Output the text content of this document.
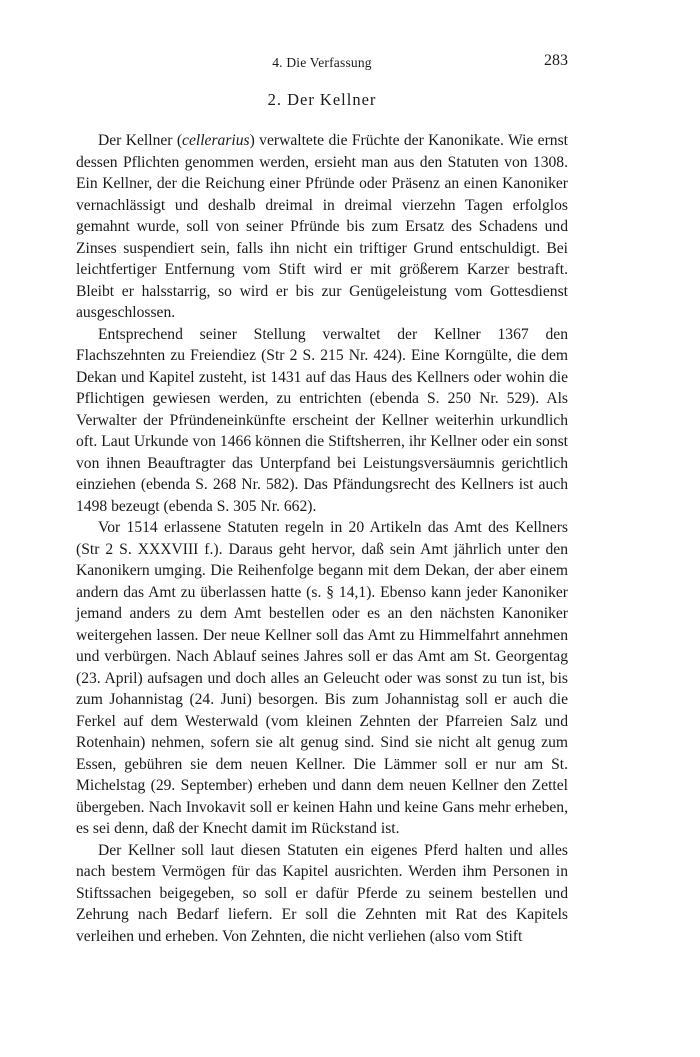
4. Die Verfassung	283
2. Der Kellner

Der Kellner (cellerarius) verwaltete die Früchte der Kanonikate. Wie ernst dessen Pflichten genommen werden, ersieht man aus den Statuten von 1308. Ein Kellner, der die Reichung einer Pfründe oder Präsenz an einen Kanoniker vernachlässigt und deshalb dreimal in dreimal vierzehn Tagen erfolglos gemahnt wurde, soll von seiner Pfründe bis zum Ersatz des Schadens und Zinses suspendiert sein, falls ihn nicht ein triftiger Grund entschuldigt. Bei leichtfertiger Entfernung vom Stift wird er mit größerem Karzer bestraft. Bleibt er halsstarrig, so wird er bis zur Genügeleistung vom Gottesdienst ausgeschlossen.

Entsprechend seiner Stellung verwaltet der Kellner 1367 den Flachszehnten zu Freiendiez (Str 2 S. 215 Nr. 424). Eine Korngülte, die dem Dekan und Kapitel zusteht, ist 1431 auf das Haus des Kellners oder wohin die Pflichtigen gewiesen werden, zu entrichten (ebenda S. 250 Nr. 529). Als Verwalter der Pfründeneinkünfte erscheint der Kellner weiterhin urkundlich oft. Laut Urkunde von 1466 können die Stiftsherren, ihr Kellner oder ein sonst von ihnen Beauftragter das Unterpfand bei Leistungsversäumnis gerichtlich einziehen (ebenda S. 268 Nr. 582). Das Pfändungsrecht des Kellners ist auch 1498 bezeugt (ebenda S. 305 Nr. 662).

Vor 1514 erlassene Statuten regeln in 20 Artikeln das Amt des Kellners (Str 2 S. XXXVIII f.). Daraus geht hervor, daß sein Amt jährlich unter den Kanonikern umging. Die Reihenfolge begann mit dem Dekan, der aber einem andern das Amt zu überlassen hatte (s. § 14,1). Ebenso kann jeder Kanoniker jemand anders zu dem Amt bestellen oder es an den nächsten Kanoniker weitergehen lassen. Der neue Kellner soll das Amt zu Himmelfahrt annehmen und verbürgen. Nach Ablauf seines Jahres soll er das Amt am St. Georgentag (23. April) aufsagen und doch alles an Geleucht oder was sonst zu tun ist, bis zum Johannistag (24. Juni) besorgen. Bis zum Johannistag soll er auch die Ferkel auf dem Westerwald (vom kleinen Zehnten der Pfarreien Salz und Rotenhain) nehmen, sofern sie alt genug sind. Sind sie nicht alt genug zum Essen, gebühren sie dem neuen Kellner. Die Lämmer soll er nur am St. Michelstag (29. September) erheben und dann dem neuen Kellner den Zettel übergeben. Nach Invokavit soll er keinen Hahn und keine Gans mehr erheben, es sei denn, daß der Knecht damit im Rückstand ist.

Der Kellner soll laut diesen Statuten ein eigenes Pferd halten und alles nach bestem Vermögen für das Kapitel ausrichten. Werden ihm Personen in Stiftssachen beigegeben, so soll er dafür Pferde zu seinem bestellen und Zehrung nach Bedarf liefern. Er soll die Zehnten mit Rat des Kapitels verleihen und erheben. Von Zehnten, die nicht verliehen (also vom Stift
